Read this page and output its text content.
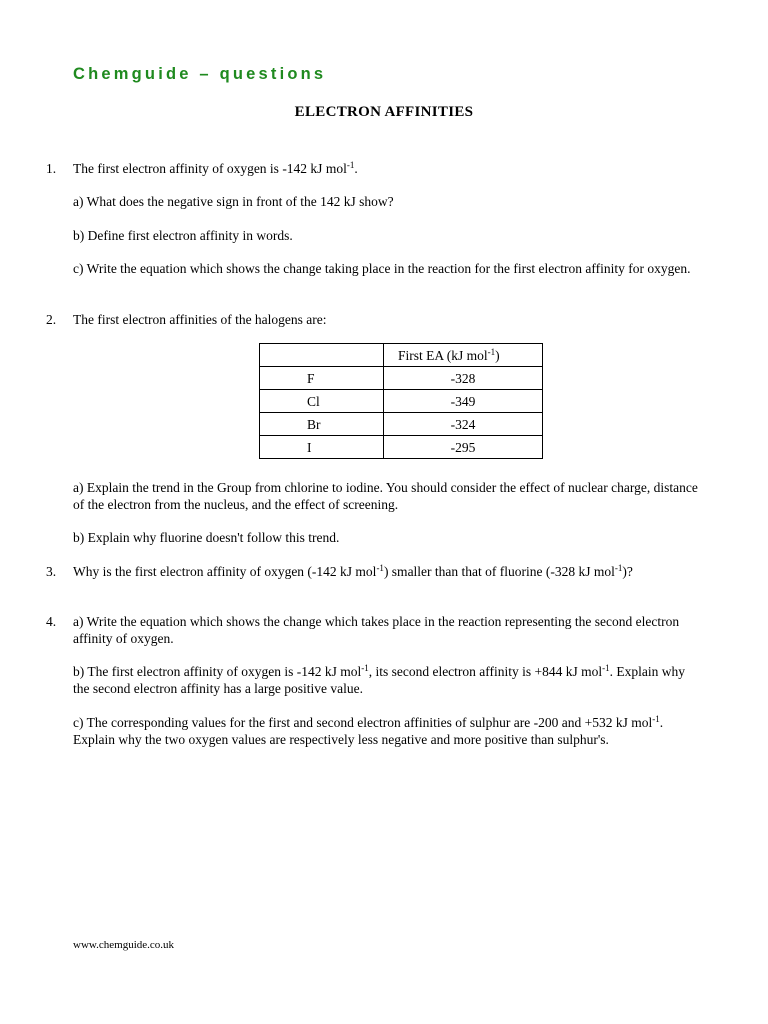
Chemguide – questions
ELECTRON AFFINITIES
1. The first electron affinity of oxygen is -142 kJ mol$^{-1}$.
a) What does the negative sign in front of the 142 kJ show?
b) Define first electron affinity in words.
c) Write the equation which shows the change taking place in the reaction for the first electron affinity for oxygen.
2. The first electron affinities of the halogens are:
	First EA (kJ mol$^{-1}$)
F	-328
Cl	-349
Br	-324
I	-295
a) Explain the trend in the Group from chlorine to iodine. You should consider the effect of nuclear charge, distance of the electron from the nucleus, and the effect of screening.
b) Explain why fluorine doesn't follow this trend.
3. Why is the first electron affinity of oxygen (-142 kJ mol$^{-1}$) smaller than that of fluorine (-328 kJ mol$^{-1}$)?
4. a) Write the equation which shows the change which takes place in the reaction representing the second electron affinity of oxygen.
b) The first electron affinity of oxygen is -142 kJ mol$^{-1}$, its second electron affinity is +844 kJ mol$^{-1}$. Explain why the second electron affinity has a large positive value.
c) The corresponding values for the first and second electron affinities of sulphur are -200 and +532 kJ mol$^{-1}$. Explain why the two oxygen values are respectively less negative and more positive than sulphur's.
www.chemguide.co.uk
